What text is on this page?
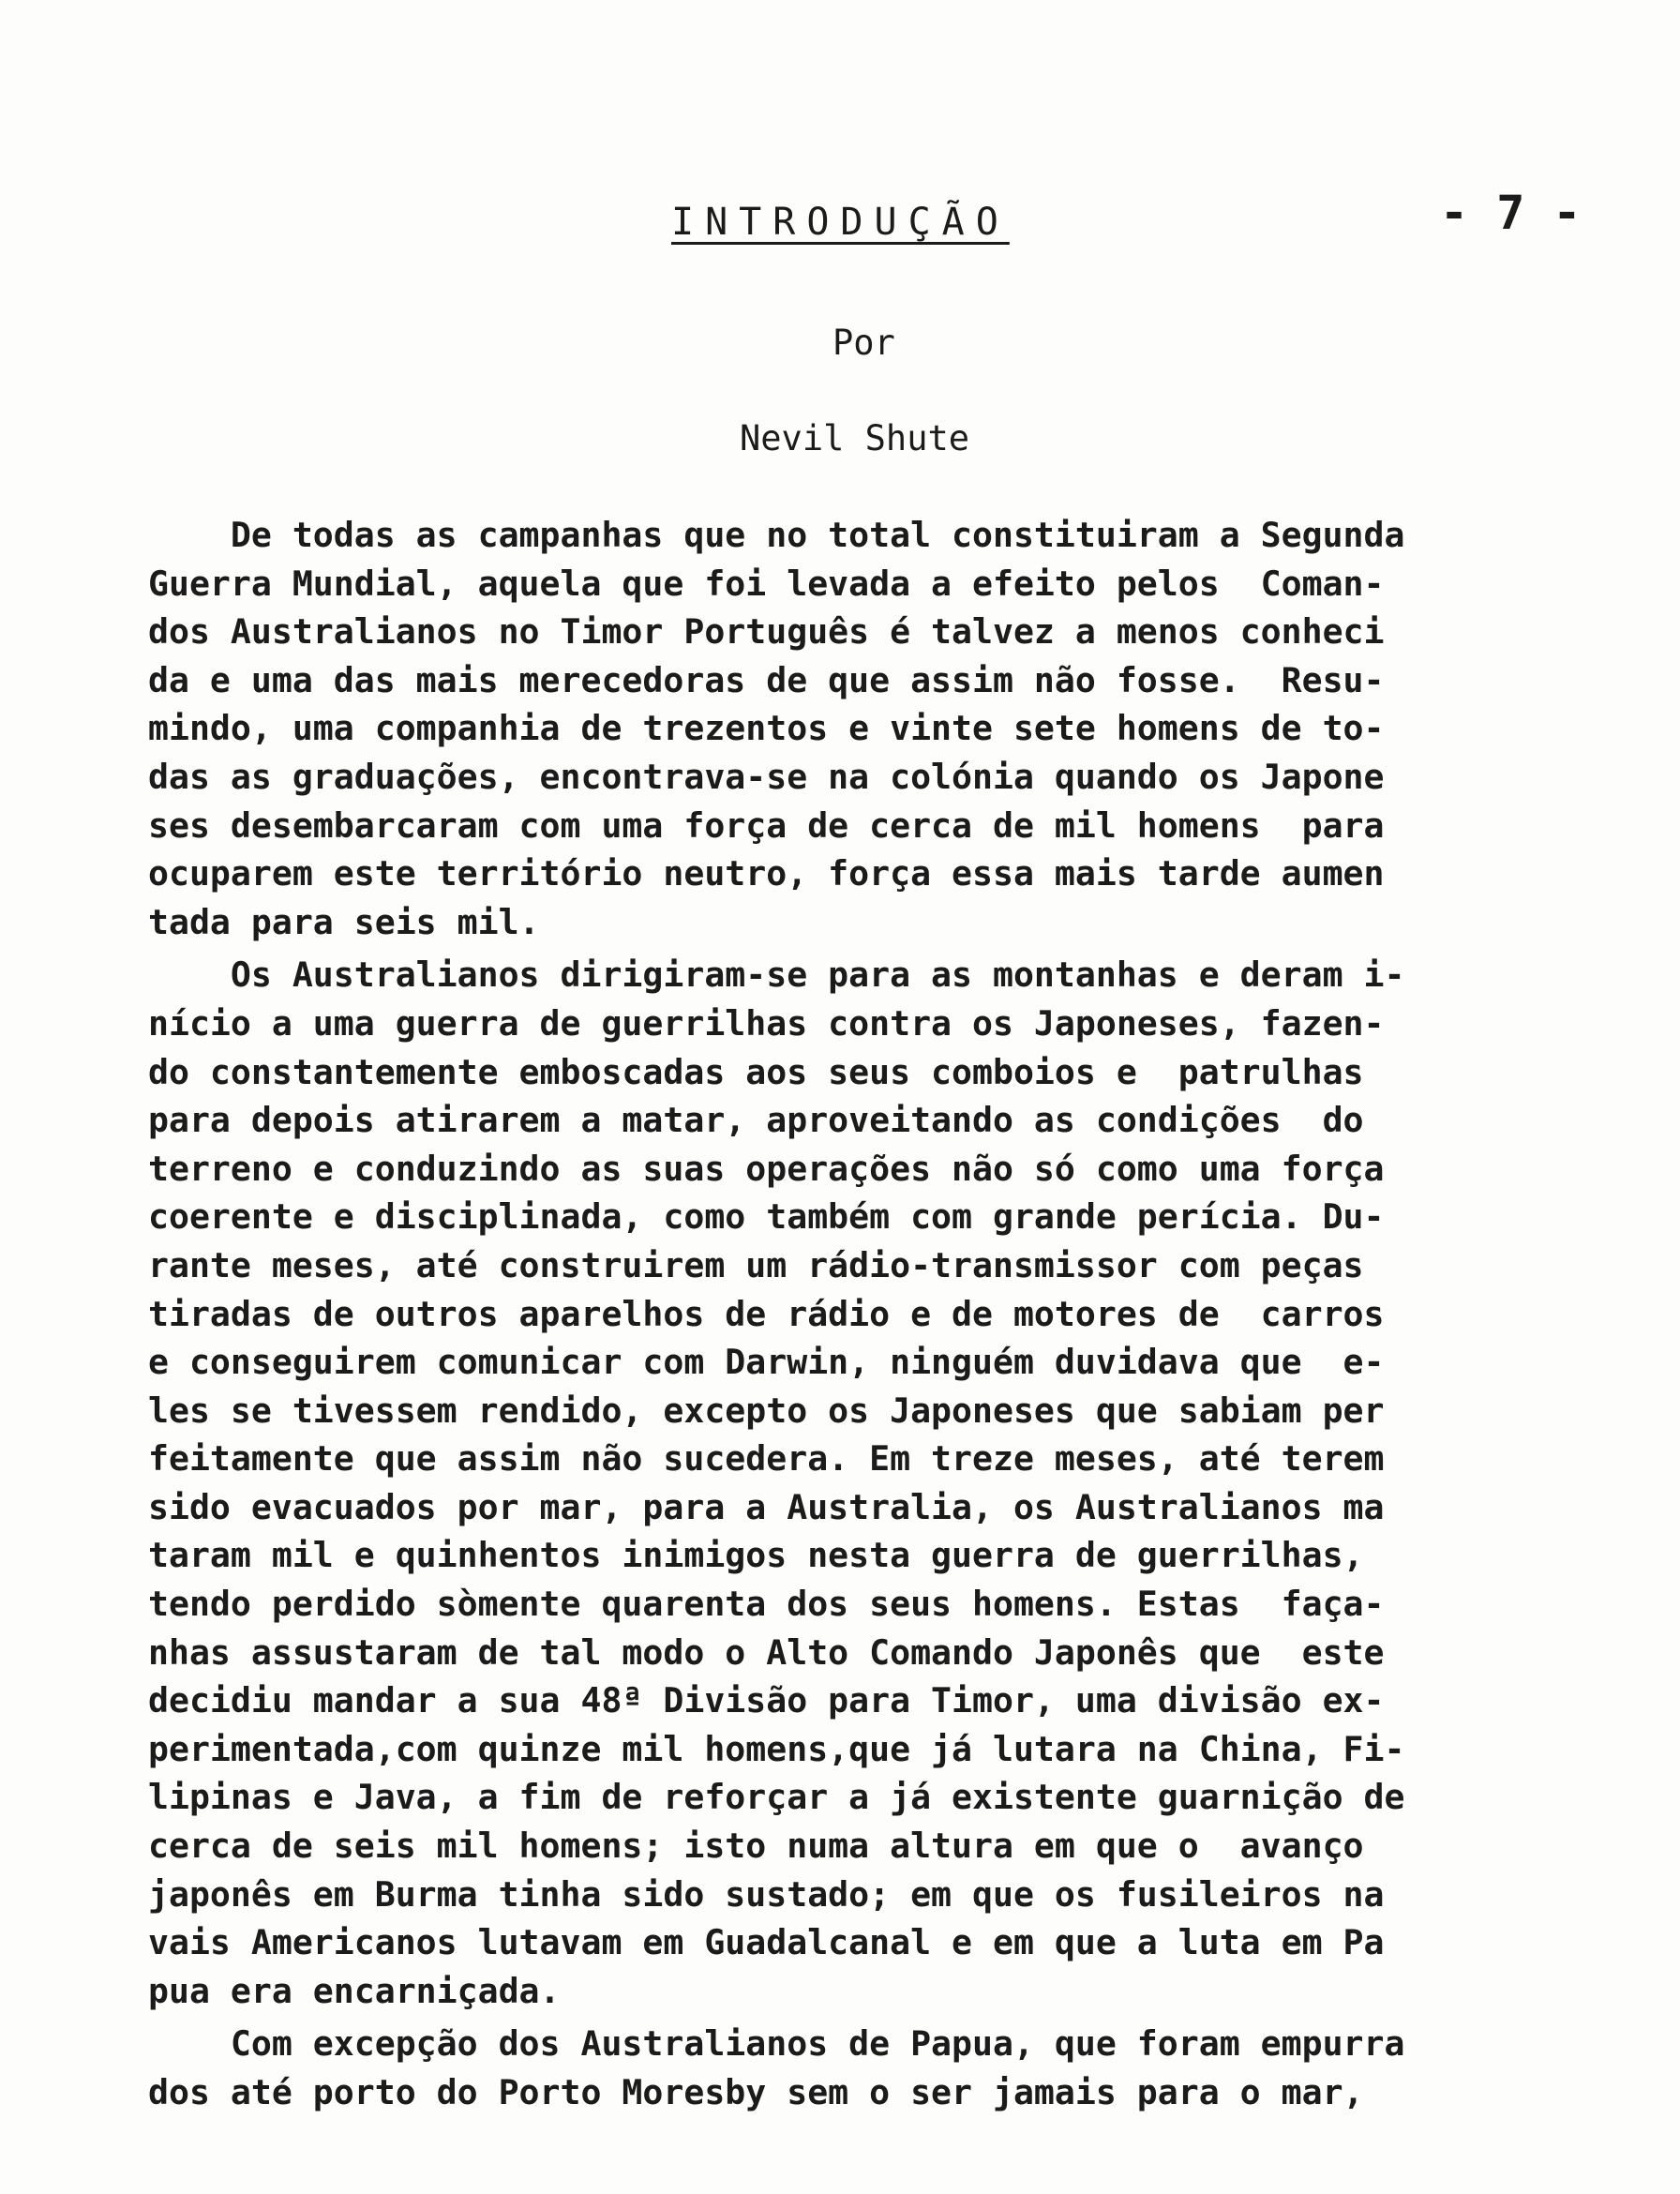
INTRODUÇÃO	- 7 -
Por
Nevil Shute
De todas as campanhas que no total constituiram a Segunda
Guerra Mundial, aquela que foi levada a efeito pelos  Coman-
dos Australianos no Timor Português é talvez a menos conheci
da e uma das mais merecedoras de que assim não fosse.  Resu-
mindo, uma companhia de trezentos e vinte sete homens de to-
das as graduações, encontrava-se na colónia quando os Japone
ses desembarcaram com uma força de cerca de mil homens  para
ocuparem este território neutro, força essa mais tarde aumen
tada para seis mil.
Os Australianos dirigiram-se para as montanhas e deram i-
nício a uma guerra de guerrilhas contra os Japoneses, fazen-
do constantemente emboscadas aos seus comboios e  patrulhas
para depois atirarem a matar, aproveitando as condições  do
terreno e conduzindo as suas operações não só como uma força
coerente e disciplinada, como também com grande perícia. Du-
rante meses, até construirem um rádio-transmissor com peças
tiradas de outros aparelhos de rádio e de motores de  carros
e conseguirem comunicar com Darwin, ninguém duvidava que  e-
les se tivessem rendido, excepto os Japoneses que sabiam per
feitamente que assim não sucedera. Em treze meses, até terem
sido evacuados por mar, para a Australia, os Australianos ma
taram mil e quinhentos inimigos nesta guerra de guerrilhas,
tendo perdido sòmente quarenta dos seus homens. Estas  faça-
nhas assustaram de tal modo o Alto Comando Japonês que  este
decidiu mandar a sua 48ª Divisão para Timor, uma divisão ex-
perimentada,com quinze mil homens,que já lutara na China, Fi-
lipinas e Java, a fim de reforçar a já existente guarnição de
cerca de seis mil homens; isto numa altura em que o  avanço
japonês em Burma tinha sido sustado; em que os fusileiros na
vais Americanos lutavam em Guadalcanal e em que a luta em Pa
pua era encarniçada.
Com excepção dos Australianos de Papua, que foram empurra
dos até porto do Porto Moresby sem o ser jamais para o mar,
